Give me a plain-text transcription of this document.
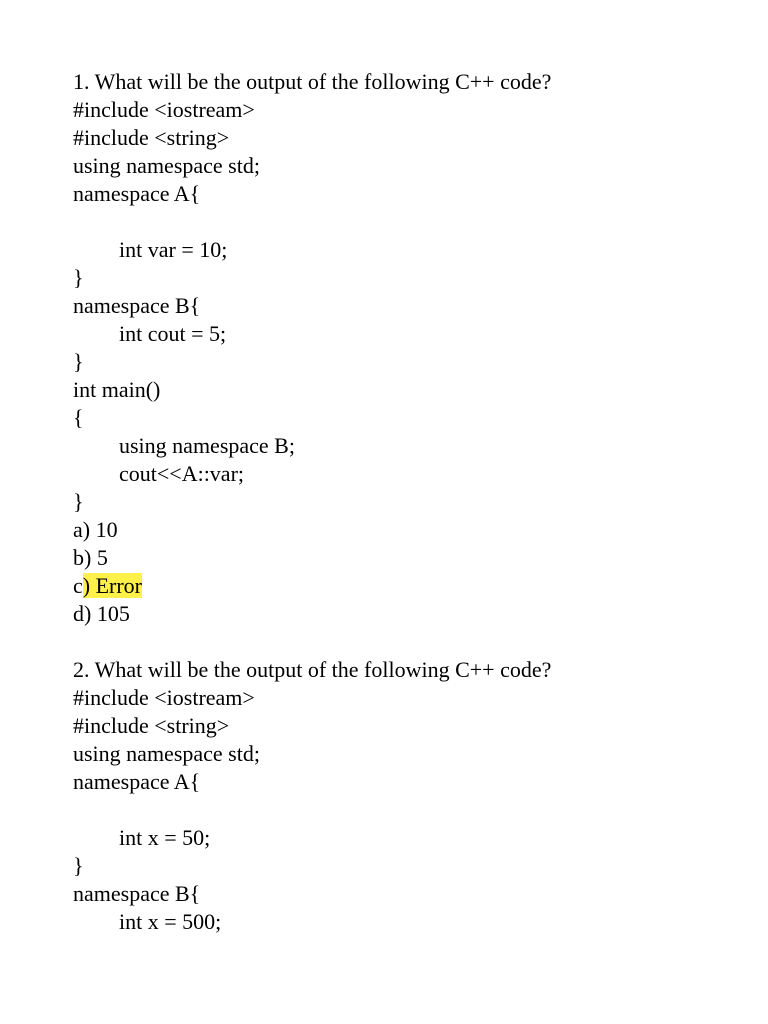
1. What will be the output of the following C++ code?
#include <iostream>
#include <string>
using namespace std;
namespace A{
int var = 10;
}
namespace B{
int cout = 5;
}
int main()
{
using namespace B;
cout<<A::var;
}
a) 10
b) 5
c) Error
d) 105
2. What will be the output of the following C++ code?
#include <iostream>
#include <string>
using namespace std;
namespace A{
int x = 50;
}
namespace B{
int x = 500;
